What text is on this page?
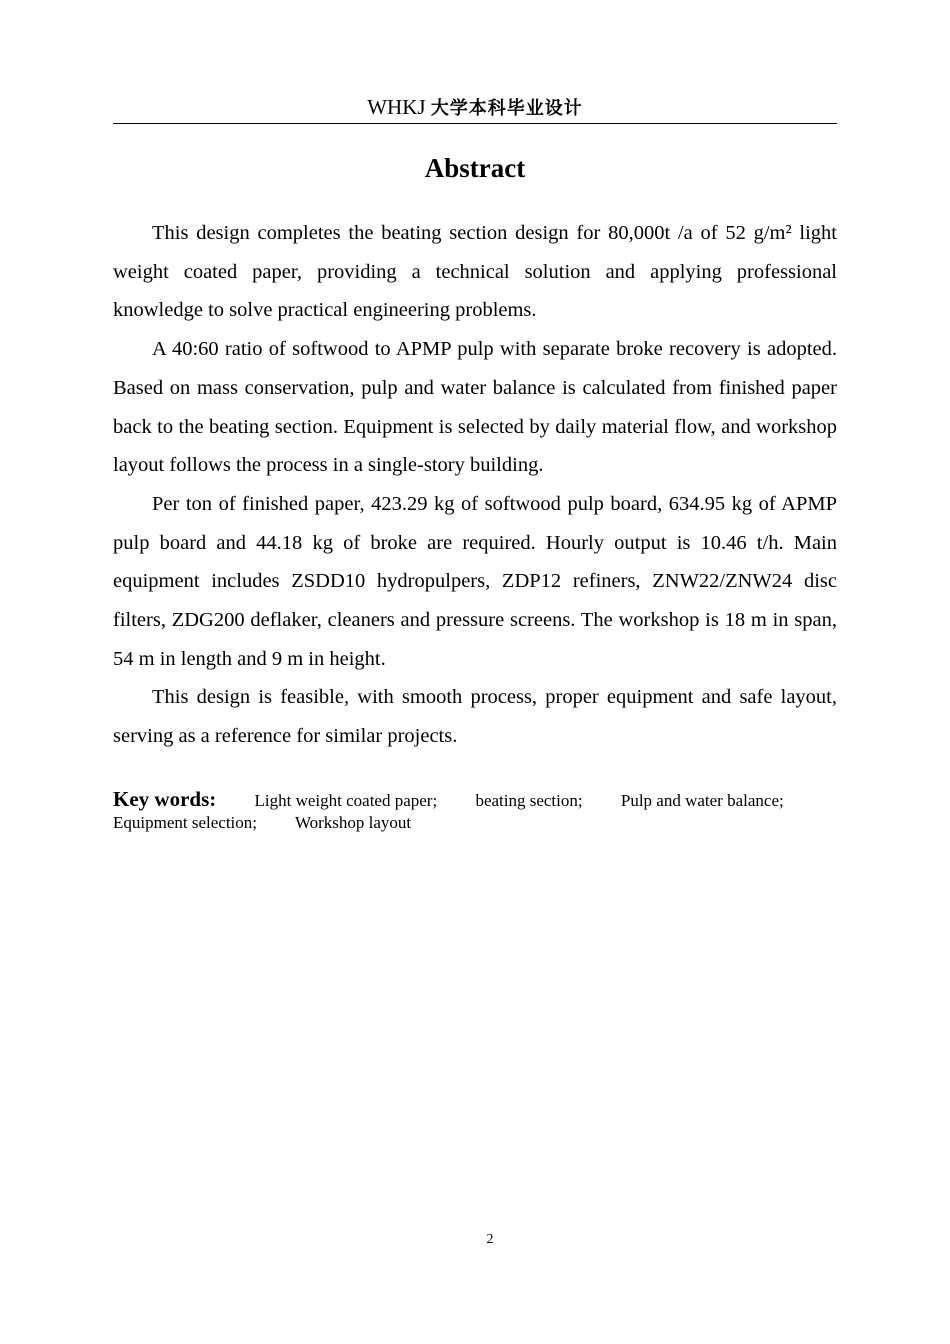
WHKJ 大学本科毕业设计
Abstract

This design completes the beating section design for 80,000t /a of 52 g/m² light weight coated paper, providing a technical solution and applying professional knowledge to solve practical engineering problems.

A 40:60 ratio of softwood to APMP pulp with separate broke recovery is adopted. Based on mass conservation, pulp and water balance is calculated from finished paper back to the beating section. Equipment is selected by daily material flow, and workshop layout follows the process in a single-story building.

Per ton of finished paper, 423.29 kg of softwood pulp board, 634.95 kg of APMP pulp board and 44.18 kg of broke are required. Hourly output is 10.46 t/h. Main equipment includes ZSDD10 hydropulpers, ZDP12 refiners, ZNW22/ZNW24 disc filters, ZDG200 deflaker, cleaners and pressure screens. The workshop is 18 m in span, 54 m in length and 9 m in height.

This design is feasible, with smooth process, proper equipment and safe layout, serving as a reference for similar projects.

Key words: Light weight coated paper; beating section; Pulp and water balance; Equipment selection; Workshop layout
2
